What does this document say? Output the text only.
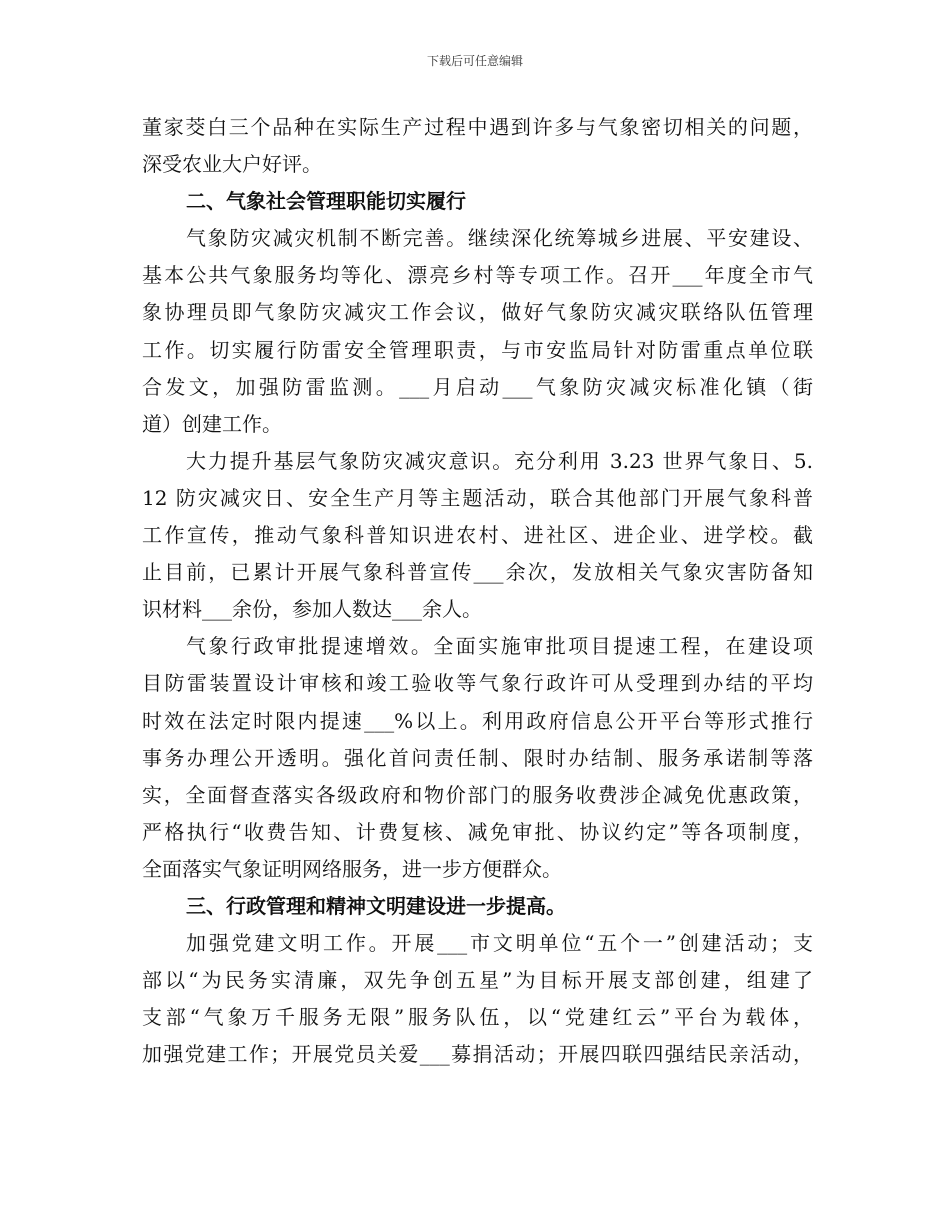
下载后可任意编辑
董家茭白三个品种在实际生产过程中遇到许多与气象密切相关的问题，
深受农业大户好评。
二、气象社会管理职能切实履行
气象防灾减灾机制不断完善。继续深化统筹城乡进展、平安建设、
基本公共气象服务均等化、漂亮乡村等专项工作。召开___年度全市气
象协理员即气象防灾减灾工作会议，做好气象防灾减灾联络队伍管理
工作。切实履行防雷安全管理职责，与市安监局针对防雷重点单位联
合发文，加强防雷监测。___月启动___气象防灾减灾标准化镇（街
道）创建工作。
大力提升基层气象防灾减灾意识。充分利用 3.23 世界气象日、5.
12 防灾减灾日、安全生产月等主题活动，联合其他部门开展气象科普
工作宣传，推动气象科普知识进农村、进社区、进企业、进学校。截
止目前，已累计开展气象科普宣传___余次，发放相关气象灾害防备知
识材料___余份，参加人数达___余人。
气象行政审批提速增效。全面实施审批项目提速工程，在建设项
目防雷装置设计审核和竣工验收等气象行政许可从受理到办结的平均
时效在法定时限内提速___%以上。利用政府信息公开平台等形式推行
事务办理公开透明。强化首问责任制、限时办结制、服务承诺制等落
实，全面督查落实各级政府和物价部门的服务收费涉企减免优惠政策，
严格执行“收费告知、计费复核、减免审批、协议约定”等各项制度，
全面落实气象证明网络服务，进一步方便群众。
三、行政管理和精神文明建设进一步提高。
加强党建文明工作。开展___市文明单位“五个一”创建活动；支
部以“为民务实清廉，双先争创五星”为目标开展支部创建，组建了
支部“气象万千服务无限”服务队伍，以“党建红云”平台为载体，
加强党建工作；开展党员关爱___募捐活动；开展四联四强结民亲活动，
